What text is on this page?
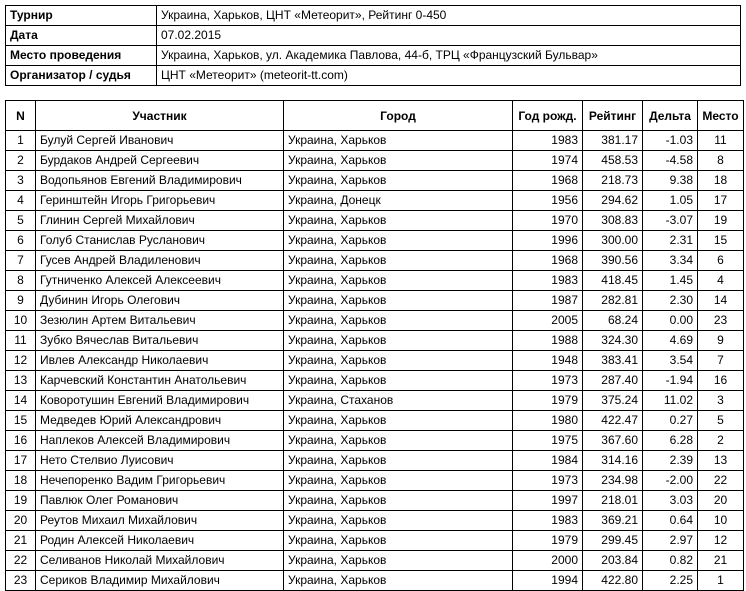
Турнир	Украина, Харьков, ЦНТ «Метеорит», Рейтинг 0-450
Дата	07.02.2015
Место проведения	Украина, Харьков, ул. Академика Павлова, 44-б, ТРЦ «Французский Бульвар»
Организатор / судья	ЦНТ «Метеорит» (meteorit-tt.com)
N	Участник	Город	Год рожд.	Рейтинг	Дельта	Место
1	Булуй Сергей Иванович	Украина, Харьков	1983	381.17	-1.03	11
2	Бурдаков Андрей Сергеевич	Украина, Харьков	1974	458.53	-4.58	8
3	Водопьянов Евгений Владимирович	Украина, Харьков	1968	218.73	9.38	18
4	Геринштейн Игорь Григорьевич	Украина, Донецк	1956	294.62	1.05	17
5	Глинин Сергей Михайлович	Украина, Харьков	1970	308.83	-3.07	19
6	Голуб Станислав Русланович	Украина, Харьков	1996	300.00	2.31	15
7	Гусев Андрей Владиленович	Украина, Харьков	1968	390.56	3.34	6
8	Гутниченко Алексей Алексеевич	Украина, Харьков	1983	418.45	1.45	4
9	Дубинин Игорь Олегович	Украина, Харьков	1987	282.81	2.30	14
10	Зезюлин Артем Витальевич	Украина, Харьков	2005	68.24	0.00	23
11	Зубко Вячеслав Витальевич	Украина, Харьков	1988	324.30	4.69	9
12	Ивлев Александр Николаевич	Украина, Харьков	1948	383.41	3.54	7
13	Карчевский Константин Анатольевич	Украина, Харьков	1973	287.40	-1.94	16
14	Коворотушин Евгений Владимирович	Украина, Стаханов	1979	375.24	11.02	3
15	Медведев Юрий Александрович	Украина, Харьков	1980	422.47	0.27	5
16	Наплеков Алексей Владимирович	Украина, Харьков	1975	367.60	6.28	2
17	Нето Стелвио Луисович	Украина, Харьков	1984	314.16	2.39	13
18	Нечепоренко Вадим Григорьевич	Украина, Харьков	1973	234.98	-2.00	22
19	Павлюк Олег Романович	Украина, Харьков	1997	218.01	3.03	20
20	Реутов Михаил Михайлович	Украина, Харьков	1983	369.21	0.64	10
21	Родин Алексей Николаевич	Украина, Харьков	1979	299.45	2.97	12
22	Селиванов Николай Михайлович	Украина, Харьков	2000	203.84	0.82	21
23	Сериков Владимир Михайлович	Украина, Харьков	1994	422.80	2.25	1
